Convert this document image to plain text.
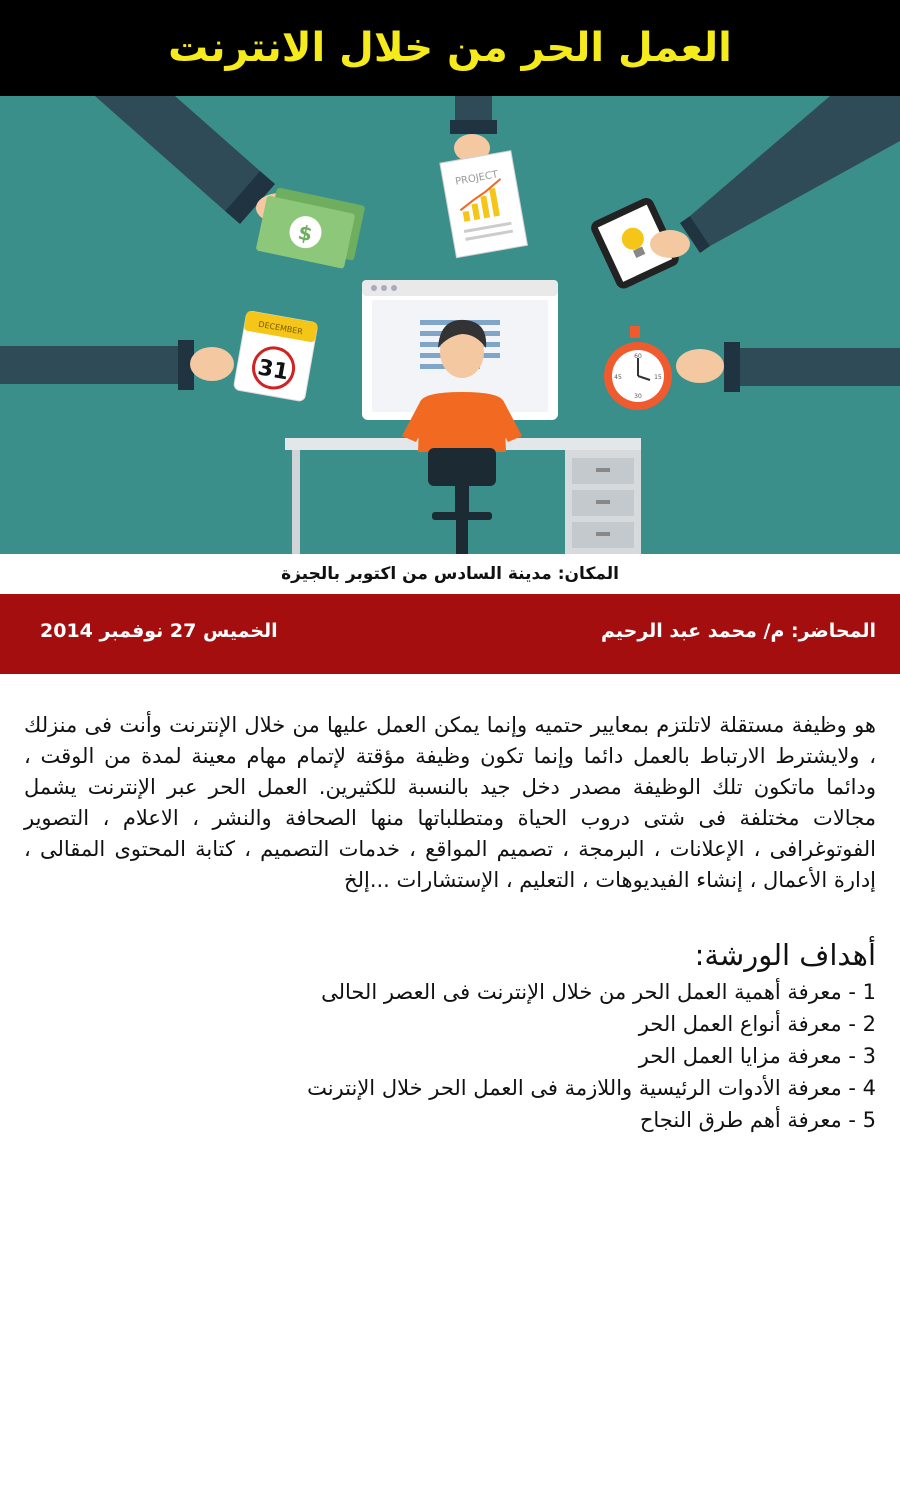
العمل الحر من خلال الانترنت
$
PROJECT
DECEMBER
31	60
15
30
45
المكان: مدينة السادس من اكتوبر بالجيزة
المحاضر: م/ محمد عبد الرحيم
الخميس 27 نوفمبر 2014

هو وظيفة مستقلة لاتلتزم بمعايير حتميه وإنما يمكن العمل عليها من خلال الإنترنت وأنت فى منزلك ، ولايشترط الارتباط بالعمل دائما وإنما تكون وظيفة مؤقتة لإتمام مهام معينة لمدة من الوقت ، ودائما ماتكون تلك الوظيفة مصدر دخل جيد بالنسبة للكثيرين. العمل الحر عبر الإنترنت يشمل مجالات مختلفة فى شتى دروب الحياة ومتطلباتها منها الصحافة والنشر ، الاعلام ، التصوير الفوتوغرافى ، الإعلانات ، البرمجة ، تصميم المواقع ، خدمات التصميم ، كتابة المحتوى المقالى ، إدارة الأعمال ، إنشاء الفيديوهات ، التعليم ، الإستشارات ...إلخ

أهداف الورشة:
1 - معرفة أهمية العمل الحر من خلال الإنترنت فى العصر الحالى
2 - معرفة أنواع العمل الحر
3 - معرفة مزايا العمل الحر
4 - معرفة الأدوات الرئيسية واللازمة فى العمل الحر خلال الإنترنت
5 - معرفة أهم طرق النجاح
